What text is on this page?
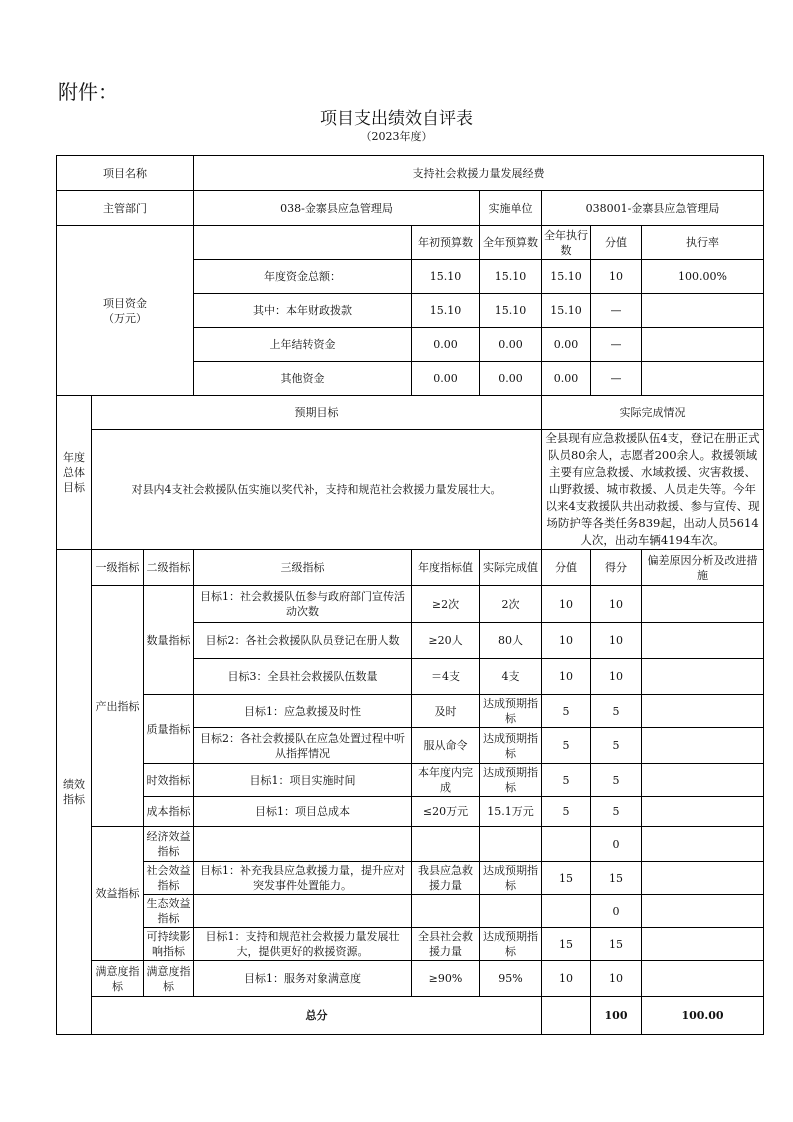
附件：
项目支出绩效自评表
（2023年度）
项目名称			支持社会救援力量发展经费						
主管部门			038-金寨县应急管理局		实施单位	038001-金寨县应急管理局			
项目资金
（万元）				年初预算数	全年预算数	全年执行数	分值	执行率	
			年度资金总额：	15.10	15.10	15.10	10	100.00%	
			其中：本年财政拨款	15.10	15.10	15.10	—		
			上年结转资金	0.00	0.00	0.00	—		
			其他资金	0.00	0.00	0.00	—		
年度总体目标	预期目标					实际完成情况			
	对县内4支社会救援队伍实施以奖代补，支持和规范社会救援力量发展壮大。					全县现有应急救援队伍4支，登记在册正式队员80余人，志愿者200余人。救援领域主要有应急救援、水域救援、灾害救援、山野救援、城市救援、人员走失等。今年以来4支救援队共出动救援、参与宣传、现场防护等各类任务839起，出动人员5614人次，出动车辆4194车次。			
绩效指标	一级指标	二级指标	三级指标	年度指标值	实际完成值	分值	得分	偏差原因分析及改进措施	
	产出指标	数量指标	目标1：社会救援队伍参与政府部门宣传活动次数	≥2次	2次	10	10		
			目标2：各社会救援队队员登记在册人数	≥20人	80人	10	10		
			目标3：全县社会救援队伍数量	＝4支	4支	10	10		
		质量指标	目标1：应急救援及时性	及时	达成预期指标	5	5		
			目标2：各社会救援队在应急处置过程中听从指挥情况	服从命令	达成预期指标	5	5		
		时效指标	目标1：项目实施时间	本年度内完成	达成预期指标	5	5		
		成本指标	目标1：项目总成本	≤20万元	15.1万元	5	5		
	效益指标	经济效益指标					0		
		社会效益指标	目标1：补充我县应急救援力量，提升应对突发事件处置能力。	我县应急救援力量	达成预期指标	15	15		
		生态效益指标					0		
		可持续影响指标	目标1：支持和规范社会救援力量发展壮大，提供更好的救援资源。	全县社会救援力量	达成预期指标	15	15		
	满意度指标	满意度指标	目标1：服务对象满意度	≥90%	95%	10	10		
	总分						100	100.00	
